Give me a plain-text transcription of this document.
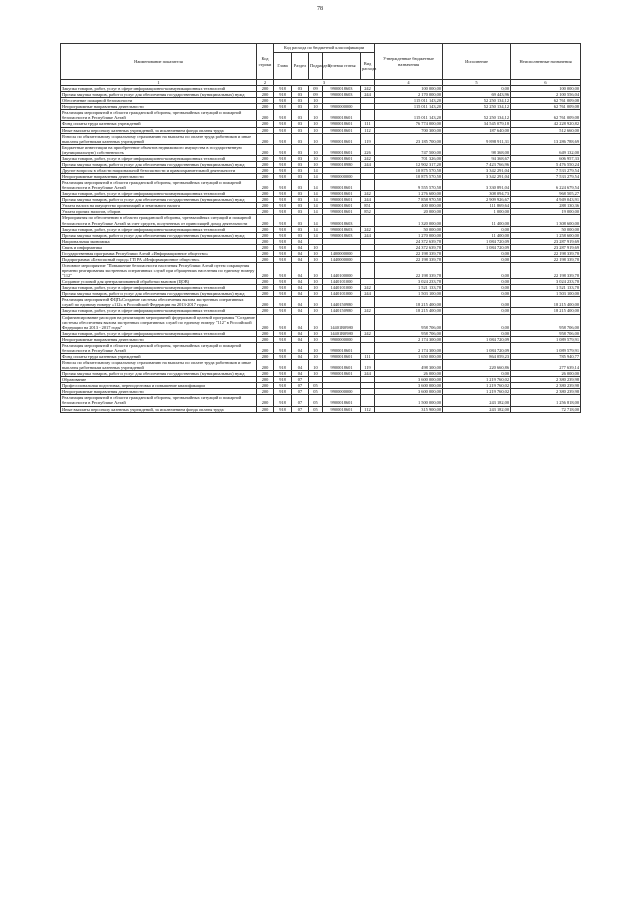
78
Наименование показателя	Код строки	Код расхода по бюджетной классификации					Утвержденные бюджетные назначения	Исполнение	Неисполненные назначения
		Глава	Раздел	Подраздел	Целевая статья	Вид расхода			
1	2	3					4	5	6
Закупка товаров, работ, услуг в сфере информационно-коммуникационных технологий	200	918	03	09	9900018603	242	100 000,00	0,00	100 000,00
Прочая закупка товаров, работ и услуг для обеспечения государственных (муниципальных) нужд	200	918	03	09	9900018603	244	2 170 000,00	69 443,96	2 100 556,04
Обеспечение пожарной безопасности	200	918	03	10			115 011 143,20	52 250 134,12	62 761 009,08
Непрограммные направления деятельности	200	918	03	10	9900000000		115 011 143,20	52 250 134,12	62 761 009,08
Реализация мероприятий в области гражданской обороны, чрезвычайных ситуаций и пожарной безопасности в Республике Алтай	200	918	03	10	9900018601		115 011 143,20	52 250 134,12	62 761 009,08
Фонд оплаты труда казенных учреждений	200	918	03	10	9900018601	111	76 774 000,00	34 545 079,18	42 228 920,82
Иные выплаты персоналу казенных учреждений, за исключением фонда оплаты труда	200	918	03	10	9900018601	112	700 300,00	187 640,00	512 660,00
Взносы по обязательному социальному страхованию на выплаты по оплате труда работников и иные выплаты работникам казенных учреждений	200	918	03	10	9900018601	119	23 185 700,00	9 898 911,31	13 286 788,69
Бюджетные инвестиции на приобретение объектов недвижимого имущества в государственную (муниципальную) собственность	200	918	03	10	9900018601	226	747 500,00	98 368,00	649 132,00
Закупка товаров, работ, услуг в сфере информационно-коммуникационных технологий	200	918	03	10	9900018601	242	701 326,00	94 368,67	606 957,33
Прочая закупка товаров, работ и услуг для обеспечения государственных (муниципальных) нужд	200	918	03	10	9900018980	244	12 902 317,20	7 423 766,96	5 476 550,24
Другие вопросы в области национальной безопасности и правоохранительной деятельности	200	918	03	14			10 875 570,58	3 342 291,04	7 533 279,54
Непрограммные направления деятельности	200	918	03	14	9900000000		10 875 570,58	3 342 291,04	7 533 279,54
Реализация мероприятий в области гражданской обороны, чрезвычайных ситуаций и пожарной безопасности в Республике Алтай	200	918	03	14	9900018601		9 555 570,58	3 330 891,04	6 224 679,54
Закупка товаров, работ, услуг в сфере информационно-коммуникационных технологий	200	918	03	14	9900018601	242	1 276 600,00	308 094,73	968 505,27
Прочая закупка товаров, работ и услуг для обеспечения государственных (муниципальных) нужд	200	918	03	14	9900018601	244	7 858 970,58	2 909 926,67	4 949 043,91
Уплата налога на имущество организаций и земельного налога	200	918	03	14	9900018601	851	400 000,00	111 869,64	288 130,36
Уплата прочих налогов, сборов	200	918	03	14	9900018601	852	20 000,00	1 000,00	19 000,00
Мероприятия по обеспечению в области гражданской обороны, чрезвычайных ситуаций и пожарной безопасности в Республике Алтай за счет средств, полученных от приносящей доход деятельности	200	918	03	14	9900018603		1 320 000,00	11 400,00	1 308 600,00
Закупка товаров, работ, услуг в сфере информационно-коммуникационных технологий	200	918	03	14	9900018603	242	50 000,00	0,00	50 000,00
Прочая закупка товаров, работ и услуг для обеспечения государственных (муниципальных) нужд	200	918	03	14	9900018603	244	1 270 000,00	11 400,00	1 258 600,00
Национальная экономика	200	918	04				24 372 639,78	1 084 720,09	23 287 919,69
Связь и информатика	200	918	04	10			24 372 639,78	1 084 720,09	23 287 919,69
Государственная программа Республики Алтай «Информационное общество»	200	918	04	10	1400000000		22 198 339,78	0,00	22 198 339,78
Подпрограмма «Безопасный город» ГП РА «Информационное общество»	200	918	04	10	1440000000		22 198 339,78	0,00	22 198 339,78
Основное мероприятие "Повышение безопасности населения Республики Алтай путем сокращения времени реагирования экстренных оперативных служб при обращениях населения по единому номеру "112"	200	918	04	10	1440100000		22 198 339,78	0,00	22 198 339,78
Создание условий для централизованной обработки вызовов (ЦОВ)	200	918	04	10	1440101000		3 024 233,78	0,00	3 024 233,78
Закупка товаров, работ, услуг в сфере информационно-коммуникационных технологий	200	918	04	10	1440101000	242	1 521 133,78	0,00	1 521 133,78
Прочая закупка товаров, работ и услуг для обеспечения государственных (муниципальных) нужд	200	918	04	10	1440101000	244	1 503 100,00	0,00	1 503 100,00
Реализация мероприятий ФЦП«Создание системы обеспечения вызова экстренных оперативных служб по единому номеру «112» в Российской Федерации на 2013-2017 годы»	200	918	04	10	1440150980		18 215 400,00	0,00	18 215 400,00
Закупка товаров, работ, услуг в сфере информационно-коммуникационных технологий	200	918	04	10	1440150980	242	18 215 400,00	0,00	18 215 400,00
Софинансирование расходов на реализацию мероприятий федеральной целевой программы "Создание системы обеспечения вызова экстренных оперативных служб по единому номеру "112" в Российской Федерации на 2013 - 2017 годы"	200	918	04	10	14401R0980		958 706,00	0,00	958 706,00
Закупка товаров, работ, услуг в сфере информационно-коммуникационных технологий	200	918	04	10	14401R0980	242	958 706,00	0,00	958 706,00
Непрограммные направления деятельности	200	918	04	10	9900000000		2 174 300,00	1 084 720,09	1 089 579,91
Реализация мероприятий в области гражданской обороны, чрезвычайных ситуаций и пожарной безопасности в Республике Алтай	200	918	04	10	9900018601		2 174 300,00	1 084 720,09	1 089 579,91
Фонд оплаты труда казенных учреждений	200	918	04	10	9900018601	111	1 650 000,00	864 059,23	785 940,77
Взносы по обязательному социальному страхованию на выплаты по оплате труда работников и иные выплаты работникам казенных учреждений	200	918	04	10	9900018601	119	498 300,00	220 660,86	277 639,14
Прочая закупка товаров, работ и услуг для обеспечения государственных (муниципальных) нужд	200	918	04	10	9900018601	244	26 000,00	0,00	26 000,00
Образование	200	918	07				3 600 000,00	1 219 760,02	2 380 239,98
Профессиональная подготовка, переподготовка и повышение квалификации	200	918	07	05			3 600 000,00	1 219 760,02	2 380 239,98
Непрограммные направления деятельности	200	918	07	05	9900000000		3 600 000,00	1 219 760,02	2 380 239,98
Реализация мероприятий в области гражданской обороны, чрезвычайных ситуаций и пожарной безопасности в Республике Алтай	200	918	07	05	9900018601		1 500 000,00	243 182,00	1 256 818,00
Иные выплаты персоналу казенных учреждений, за исключением фонда оплаты труда	200	918	07	05	9900018601	112	315 900,00	243 182,00	72 718,00
